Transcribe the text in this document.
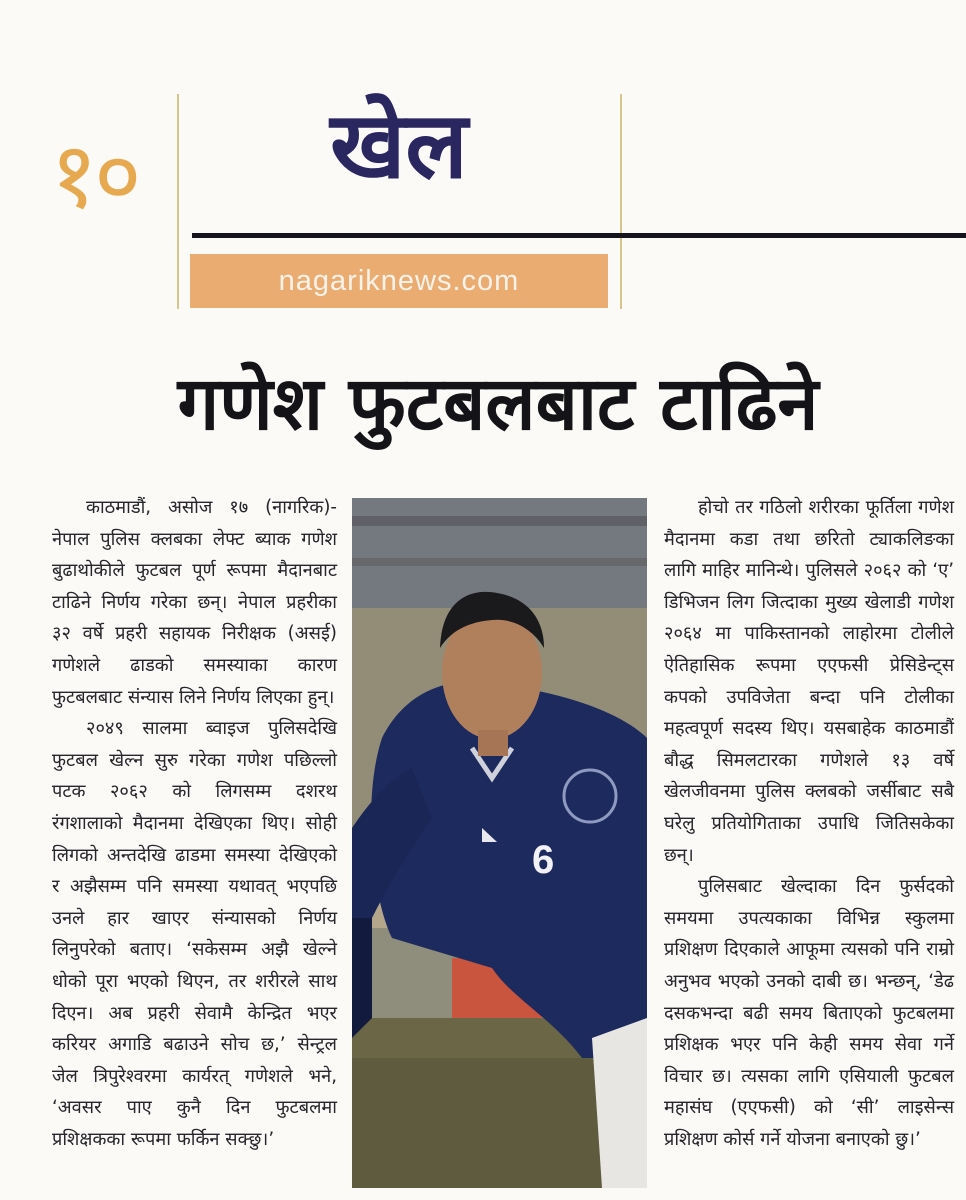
१० खेल
nagariknews.com
गणेश फुटबलबाट टाढिने

काठमाडौं, असोज १७ (नागरिक)- नेपाल पुलिस क्लबका लेफ्ट ब्याक गणेश बुढाथोकीले फुटबल पूर्ण रूपमा मैदानबाट टाढिने निर्णय गरेका छन्। नेपाल प्रहरीका ३२ वर्षे प्रहरी सहायक निरीक्षक (असई) गणेशले ढाडको समस्याका कारण फुटबलबाट संन्यास लिने निर्णय लिएका हुन्।

२०४९ सालमा ब्वाइज पुलिसदेखि फुटबल खेल्न सुरु गरेका गणेश पछिल्लो पटक २०६२ को लिगसम्म दशरथ रंगशालाको मैदानमा देखिएका थिए। सोही लिगको अन्तदेखि ढाडमा समस्या देखिएको र अझैसम्म पनि समस्या यथावत् भएपछि उनले हार खाएर संन्यासको निर्णय लिनुपरेको बताए। ‘सकेसम्म अझै खेल्ने धोको पूरा भएको थिएन, तर शरीरले साथ दिएन। अब प्रहरी सेवामै केन्द्रित भएर करियर अगाडि बढाउने सोच छ,’ सेन्ट्रल जेल त्रिपुरेश्वरमा कार्यरत् गणेशले भने, ‘अवसर पाए कुनै दिन फुटबलमा प्रशिक्षकका रूपमा फर्किन सक्छु।’

6

होचो तर गठिलो शरीरका फूर्तिला गणेश मैदानमा कडा तथा छरितो ट्याकलिङका लागि माहिर मानिन्थे। पुलिसले २०६२ को ‘ए’ डिभिजन लिग जित्दाका मुख्य खेलाडी गणेश २०६४ मा पाकिस्तानको लाहोरमा टोलीले ऐतिहासिक रूपमा एएफसी प्रेसिडेन्ट्स कपको उपविजेता बन्दा पनि टोलीका महत्वपूर्ण सदस्य थिए। यसबाहेक काठमाडौं बौद्ध सिमलटारका गणेशले १३ वर्षे खेलजीवनमा पुलिस क्लबको जर्सीबाट सबै घरेलु प्रतियोगिताका उपाधि जितिसकेका छन्।

पुलिसबाट खेल्दाका दिन फुर्सदको समयमा उपत्यकाका विभिन्न स्कुलमा प्रशिक्षण दिएकाले आफूमा त्यसको पनि राम्रो अनुभव भएको उनको दाबी छ। भन्छन्, ‘डेढ दसकभन्दा बढी समय बिताएको फुटबलमा प्रशिक्षक भएर पनि केही समय सेवा गर्ने विचार छ। त्यसका लागि एसियाली फुटबल महासंघ (एएफसी) को ‘सी’ लाइसेन्स प्रशिक्षण कोर्स गर्ने योजना बनाएको छु।’
